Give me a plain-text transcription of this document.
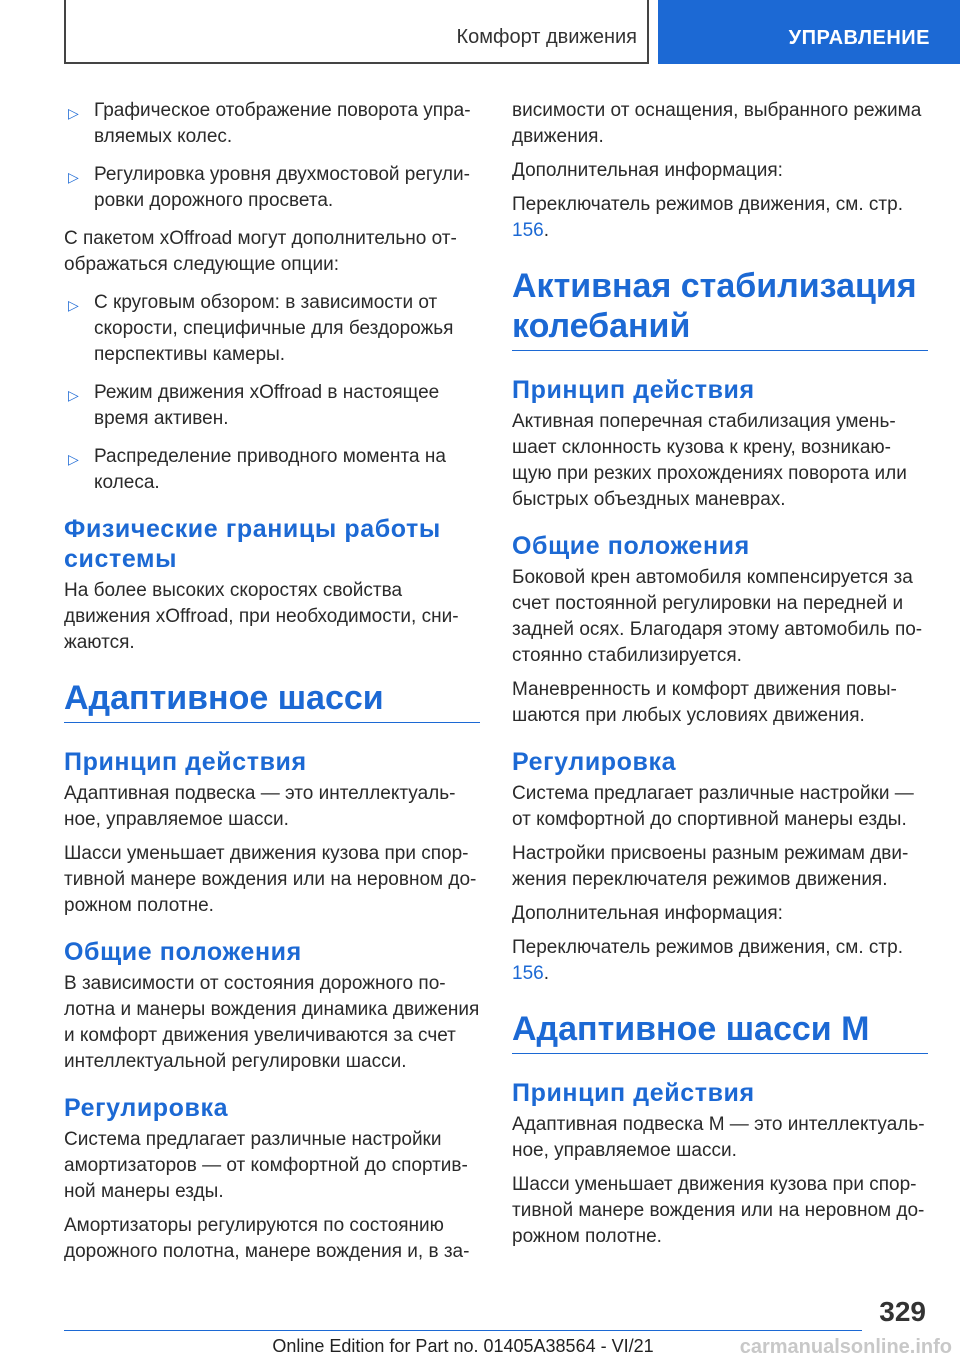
Комфорт движения	УПРАВЛЕНИЕ
▷ Графическое отображение поворота упра-вляемых колес.
▷ Регулировка уровня двухмостовой регули-ровки дорожного просвета.

С пакетом xOffroad могут дополнительно от-ображаться следующие опции:

▷ С круговым обзором: в зависимости от скорости, специфичные для бездорожья перспективы камеры.
▷ Режим движения xOffroad в настоящее время активен.
▷ Распределение приводного момента на колеса.
Физические границы работы системы

На более высоких скоростях свойства движения xOffroad, при необходимости, сни-жаются.

Адаптивное шасси
Принцип действия

Адаптивная подвеска — это интеллектуаль-ное, управляемое шасси.

Шасси уменьшает движения кузова при спор-тивной манере вождения или на неровном до-рожном полотне.

Общие положения

В зависимости от состояния дорожного по-лотна и манеры вождения динамика движения и комфорт движения увеличиваются за счет интеллектуальной регулировки шасси.

Регулировка

Система предлагает различные настройки амортизаторов — от комфортной до спортив-ной манеры езды.

Амортизаторы регулируются по состоянию дорожного полотна, манере вождения и, в за-

висимости от оснащения, выбранного режима движения.

Дополнительная информация:

Переключатель режимов движения, см. стр. 156.

Активная стабилизация колебаний
Принцип действия

Активная поперечная стабилизация умень-шает склонность кузова к крену, возникаю-щую при резких прохождениях поворота или быстрых объездных маневрах.

Общие положения

Боковой крен автомобиля компенсируется за счет постоянной регулировки на передней и задней осях. Благодаря этому автомобиль по-стоянно стабилизируется.

Маневренность и комфорт движения повы-шаются при любых условиях движения.

Регулировка

Система предлагает различные настройки — от комфортной до спортивной манеры езды.

Настройки присвоены разным режимам дви-жения переключателя режимов движения.

Дополнительная информация:

Переключатель режимов движения, см. стр. 156.

Адаптивное шасси M
Принцип действия

Адаптивная подвеска M — это интеллектуаль-ное, управляемое шасси.

Шасси уменьшает движения кузова при спор-тивной манере вождения или на неровном до-рожном полотне.

329
Online Edition for Part no. 01405A38564 - VI/21	carmanualsonline.info
